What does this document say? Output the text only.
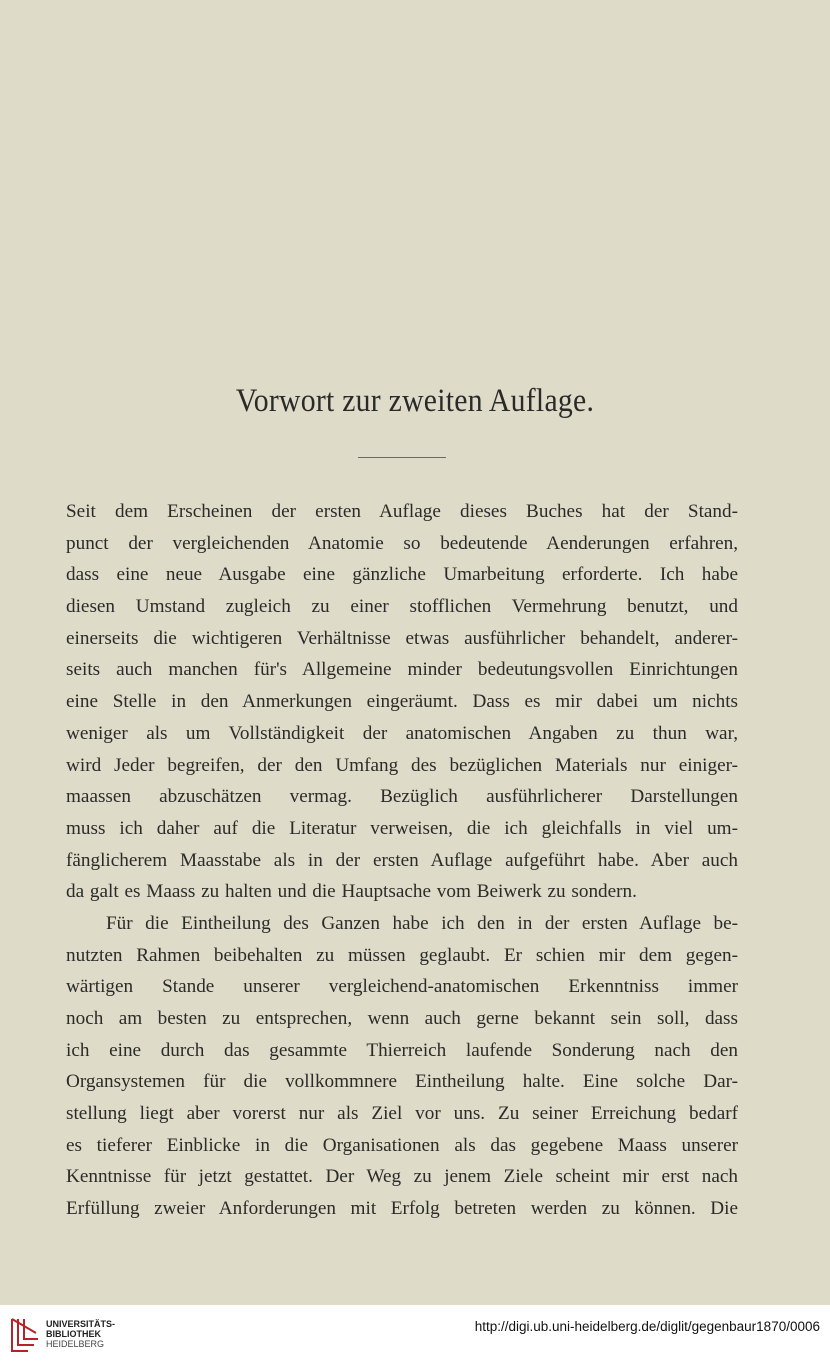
Vorwort zur zweiten Auflage.
Seit dem Erscheinen der ersten Auflage dieses Buches hat der Stand-
punct der vergleichenden Anatomie so bedeutende Aenderungen erfahren,
dass eine neue Ausgabe eine gänzliche Umarbeitung erforderte. Ich habe
diesen Umstand zugleich zu einer stofflichen Vermehrung benutzt, und
einerseits die wichtigeren Verhältnisse etwas ausführlicher behandelt, anderer-
seits auch manchen für's Allgemeine minder bedeutungsvollen Einrichtungen
eine Stelle in den Anmerkungen eingeräumt. Dass es mir dabei um nichts
weniger als um Vollständigkeit der anatomischen Angaben zu thun war,
wird Jeder begreifen, der den Umfang des bezüglichen Materials nur einiger-
maassen abzuschätzen vermag. Bezüglich ausführlicherer Darstellungen
muss ich daher auf die Literatur verweisen, die ich gleichfalls in viel um-
fänglicherem Maasstabe als in der ersten Auflage aufgeführt habe. Aber auch
da galt es Maass zu halten und die Hauptsache vom Beiwerk zu sondern.
Für die Eintheilung des Ganzen habe ich den in der ersten Auflage be-
nutzten Rahmen beibehalten zu müssen geglaubt. Er schien mir dem gegen-
wärtigen Stande unserer vergleichend-anatomischen Erkenntniss immer
noch am besten zu entsprechen, wenn auch gerne bekannt sein soll, dass
ich eine durch das gesammte Thierreich laufende Sonderung nach den
Organsystemen für die vollkommnere Eintheilung halte. Eine solche Dar-
stellung liegt aber vorerst nur als Ziel vor uns. Zu seiner Erreichung bedarf
es tieferer Einblicke in die Organisationen als das gegebene Maass unserer
Kenntnisse für jetzt gestattet. Der Weg zu jenem Ziele scheint mir erst nach
Erfüllung zweier Anforderungen mit Erfolg betreten werden zu können. Die
UNIVERSITÄTS-
BIBLIOTHEK
HEIDELBERG
http://digi.ub.uni-heidelberg.de/diglit/gegenbaur1870/0006
